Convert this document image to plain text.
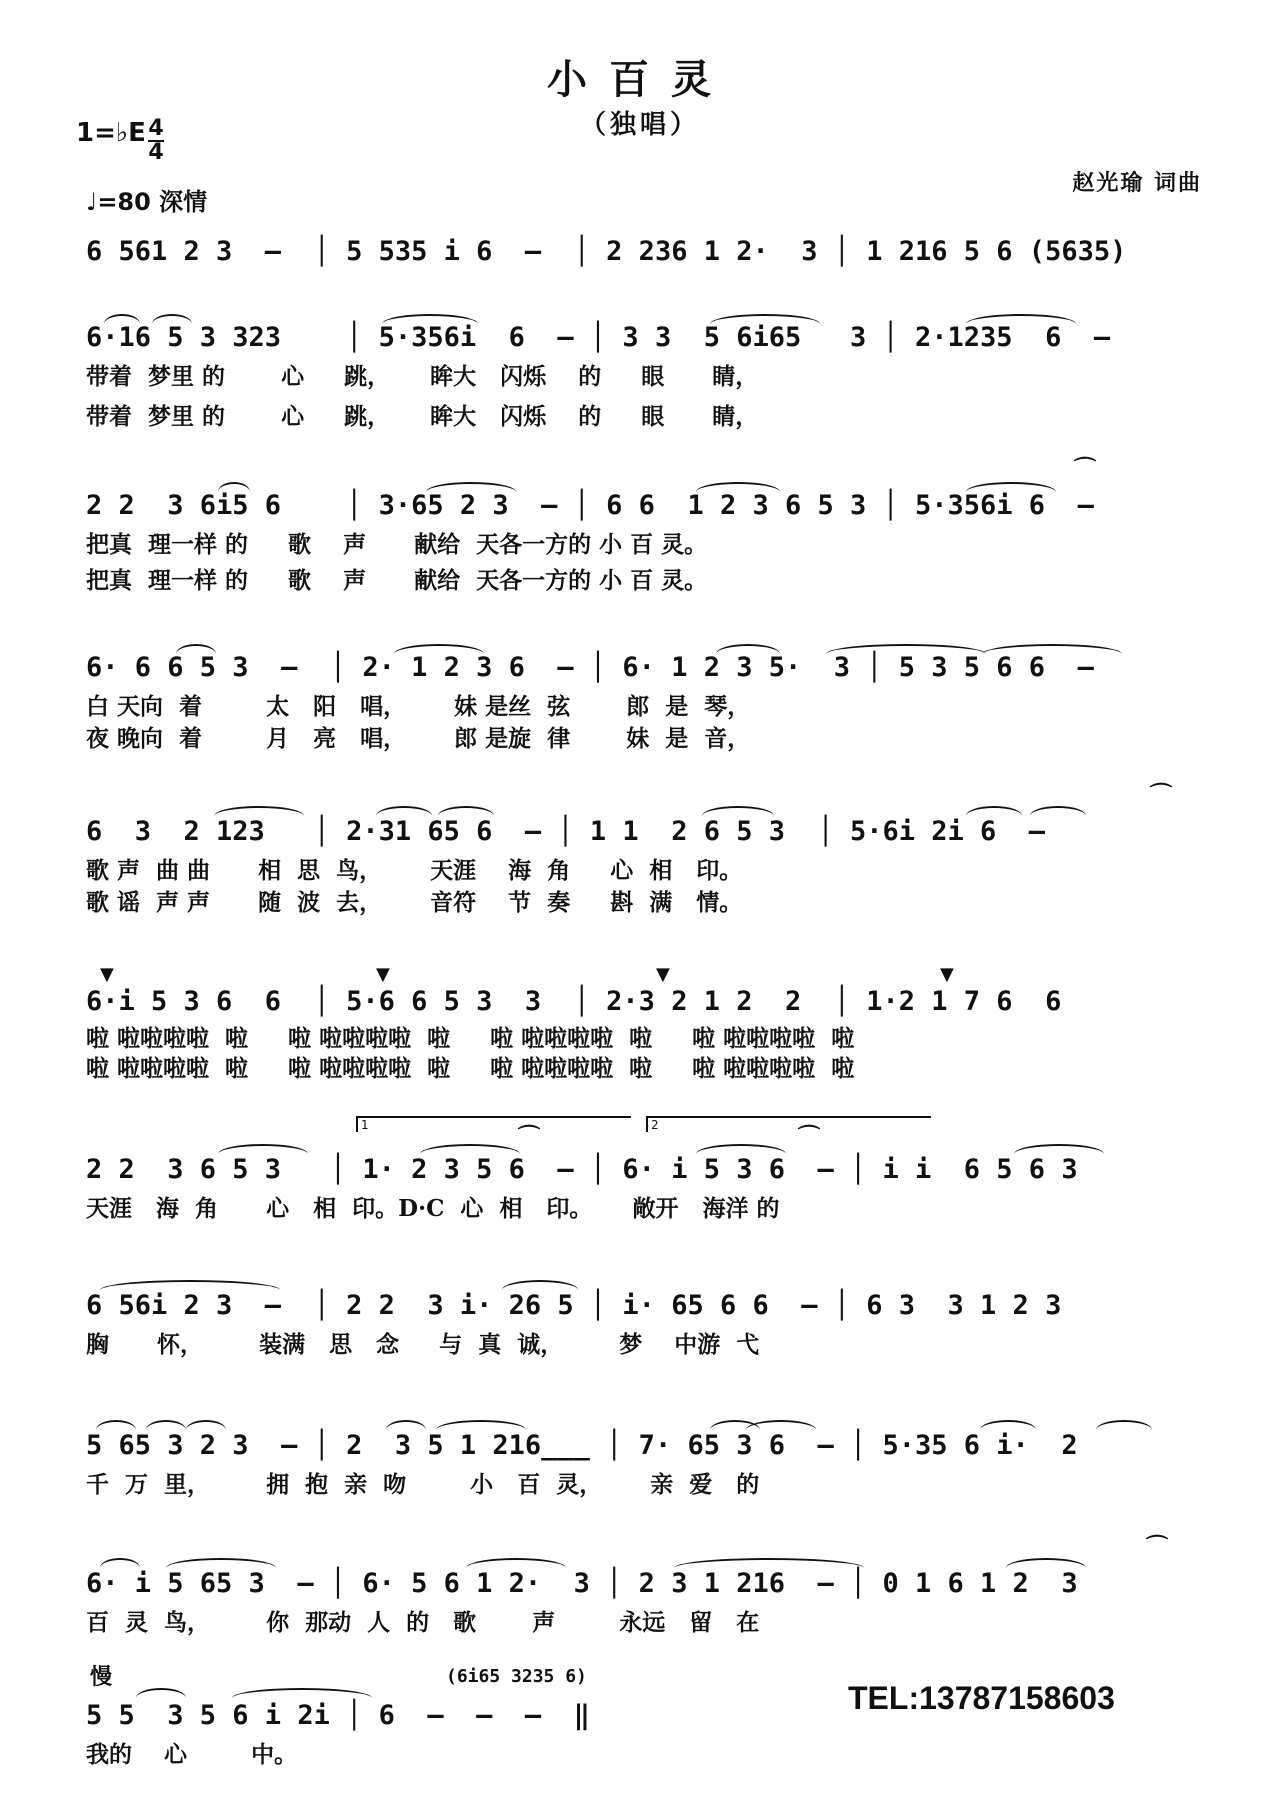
小百灵
（独唱）
1=♭E 4
4
♩=80 深情
赵光瑜 词曲
6 561 2 3  —  │ 5 535 i 6  —  │ 2 236 1 2·  3 │ 1 216 5 6 (5635)
6·16 5 3 323    │ 5·356i  6  — │ 3 3  5 6i65   3 │ 2·1235  6  —
带着  梦里 的       心     跳，     眸大   闪烁    的     眼      睛，
带着  梦里 的       心     跳，     眸大   闪烁    的     眼      睛，
⌒
2 2  3 6i5 6    │ 3·65 2 3  — │ 6 6  1 2 3 6 5 3 │ 5·356i 6  —
把真  理一样 的     歌    声      献给  天各一方的 小 百 灵。
把真  理一样 的     歌    声      献给  天各一方的 小 百 灵。
6· 6 6 5 3  —  │ 2· 1 2 3 6  — │ 6· 1 2 3 5·  3 │ 5 3 5 6 6  —
白 天向  着        太   阳   唱，      妹 是丝  弦       郎  是  琴，
夜 晚向  着        月   亮   唱，      郎 是旋  律       妹  是  音，
⌒
6  3  2 123   │ 2·31 65 6  — │ 1 1  2 6 5 3  │ 5·6i 2i 6  —
歌 声  曲 曲      相  思  鸟，      天涯    海  角     心  相   印。
歌 谣  声 声      随  波  去，      音符    节  奏     斟  满   情。
▼	▼	▼	▼
6·i 5 3 6  6  │ 5·6 6 5 3  3  │ 2·3 2 1 2  2  │ 1·2 1 7 6  6
啦 啦啦啦啦  啦     啦 啦啦啦啦  啦     啦 啦啦啦啦  啦     啦 啦啦啦啦  啦
啦 啦啦啦啦  啦     啦 啦啦啦啦  啦     啦 啦啦啦啦  啦     啦 啦啦啦啦  啦
1	2
⌒	⌒
2 2  3 6 5 3   │ 1· 2 3 5 6  — │ 6· i 5 3 6  — │ i i  6 5 6 3
天涯   海  角      心   相  印。D·C  心  相   印。     敞开   海洋 的
6 56i 2 3  —  │ 2 2  3 i· 26 5 │ i· 65 6 6  — │ 6 3  3 1 2 3
胸      怀，       装满   思   念     与  真  诚，       梦    中游  弋
5 65 3 2 3  — │ 2  3 5 1 216___ │ 7· 65 3 6  — │ 5·35 6 i·  2
千  万  里，       拥  抱  亲  吻        小   百  灵，      亲  爱   的
⌒
6· i 5 65 3  — │ 6· 5 6 1 2·  3 │ 2 3 1 216  — │ 0 1 6 1 2  3
百  灵  鸟，       你  那动  人  的   歌       声        永远   留   在
慢	(6i65 3235 6)
5 5  3 5 6 i 2i │ 6  —  —  —  ‖
我的    心        中。
TEL:13787158603
